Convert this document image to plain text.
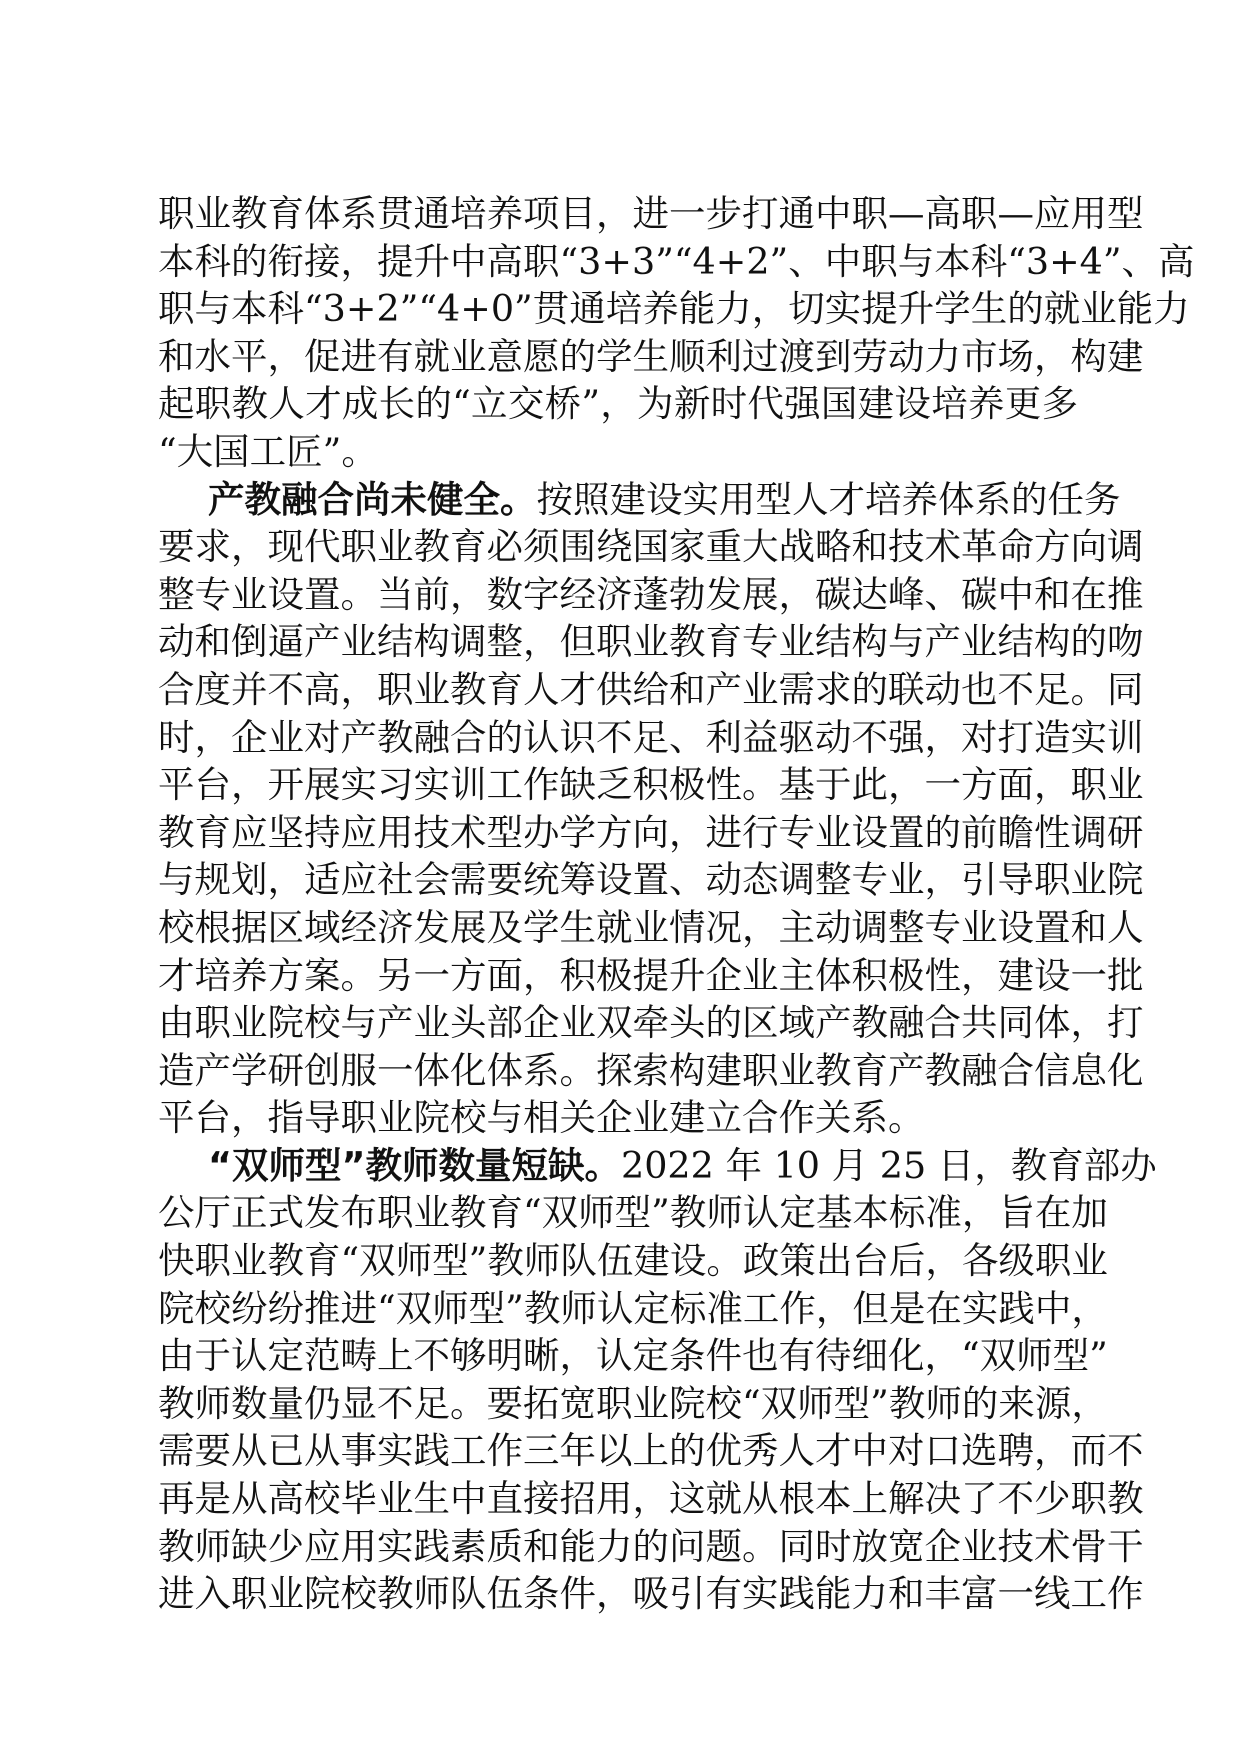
职业教育体系贯通培养项目，进一步打通中职—高职—应用型
本科的衔接，提升中高职“3+3”“4+2”、中职与本科“3+4”、高
职与本科“3+2”“4+0”贯通培养能力，切实提升学生的就业能力
和水平，促进有就业意愿的学生顺利过渡到劳动力市场，构建
起职教人才成长的“立交桥”，为新时代强国建设培养更多
“大国工匠”。
产教融合尚未健全。按照建设实用型人才培养体系的任务
要求，现代职业教育必须围绕国家重大战略和技术革命方向调
整专业设置。当前，数字经济蓬勃发展，碳达峰、碳中和在推
动和倒逼产业结构调整，但职业教育专业结构与产业结构的吻
合度并不高，职业教育人才供给和产业需求的联动也不足。同
时，企业对产教融合的认识不足、利益驱动不强，对打造实训
平台，开展实习实训工作缺乏积极性。基于此，一方面，职业
教育应坚持应用技术型办学方向，进行专业设置的前瞻性调研
与规划，适应社会需要统筹设置、动态调整专业，引导职业院
校根据区域经济发展及学生就业情况，主动调整专业设置和人
才培养方案。另一方面，积极提升企业主体积极性，建设一批
由职业院校与产业头部企业双牵头的区域产教融合共同体，打
造产学研创服一体化体系。探索构建职业教育产教融合信息化
平台，指导职业院校与相关企业建立合作关系。
“双师型”教师数量短缺。2022 年 10 月 25 日，教育部办
公厅正式发布职业教育“双师型”教师认定基本标准，旨在加
快职业教育“双师型”教师队伍建设。政策出台后，各级职业
院校纷纷推进“双师型”教师认定标准工作，但是在实践中，
由于认定范畴上不够明晰，认定条件也有待细化，“双师型”
教师数量仍显不足。要拓宽职业院校“双师型”教师的来源，
需要从已从事实践工作三年以上的优秀人才中对口选聘，而不
再是从高校毕业生中直接招用，这就从根本上解决了不少职教
教师缺少应用实践素质和能力的问题。同时放宽企业技术骨干
进入职业院校教师队伍条件，吸引有实践能力和丰富一线工作
